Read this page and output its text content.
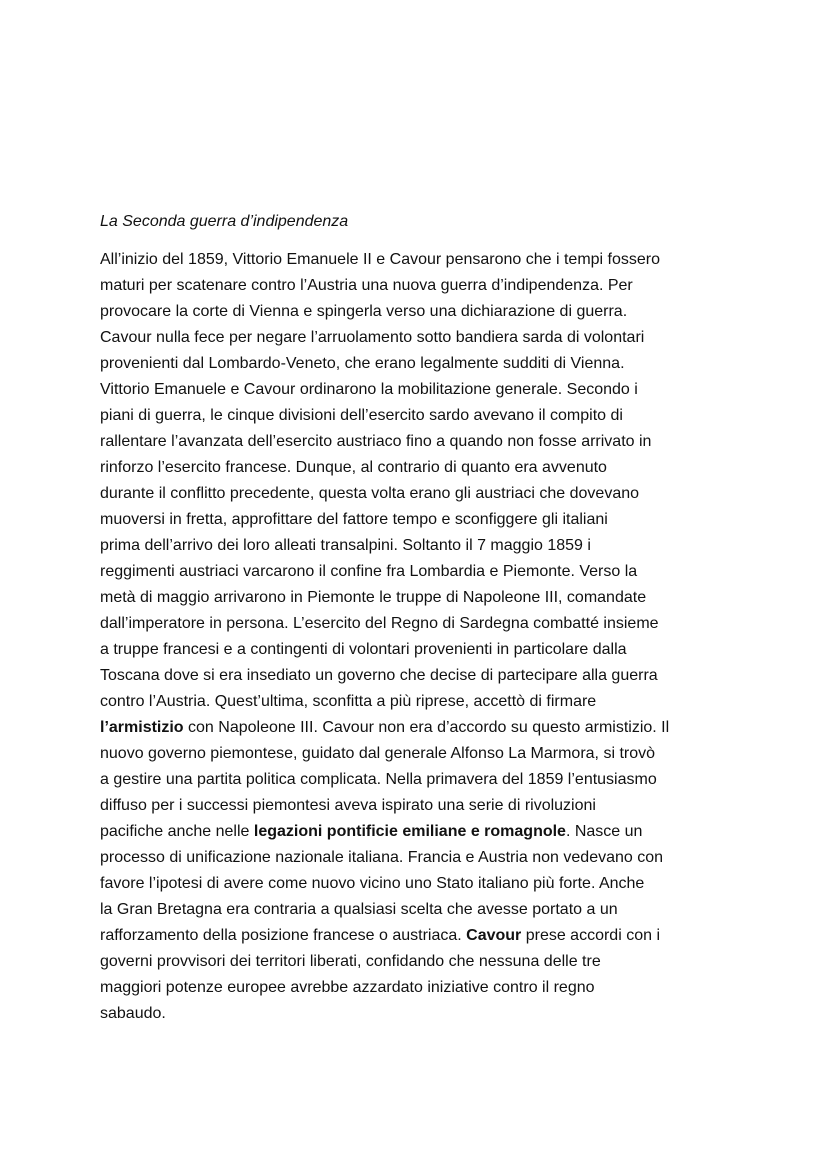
La Seconda guerra d’indipendenza
All’inizio del 1859, Vittorio Emanuele II e Cavour pensarono che i tempi fossero
maturi per scatenare contro l’Austria una nuova guerra d’indipendenza. Per
provocare la corte di Vienna e spingerla verso una dichiarazione di guerra.
Cavour nulla fece per negare l’arruolamento sotto bandiera sarda di volontari
provenienti dal Lombardo-Veneto, che erano legalmente sudditi di Vienna.
Vittorio Emanuele e Cavour ordinarono la mobilitazione generale. Secondo i
piani di guerra, le cinque divisioni dell’esercito sardo avevano il compito di
rallentare l’avanzata dell’esercito austriaco fino a quando non fosse arrivato in
rinforzo l’esercito francese. Dunque, al contrario di quanto era avvenuto
durante il conflitto precedente, questa volta erano gli austriaci che dovevano
muoversi in fretta, approfittare del fattore tempo e sconfiggere gli italiani
prima dell’arrivo dei loro alleati transalpini. Soltanto il 7 maggio 1859 i
reggimenti austriaci varcarono il confine fra Lombardia e Piemonte. Verso la
metà di maggio arrivarono in Piemonte le truppe di Napoleone III, comandate
dall’imperatore in persona. L’esercito del Regno di Sardegna combatté insieme
a truppe francesi e a contingenti di volontari provenienti in particolare dalla
Toscana dove si era insediato un governo che decise di partecipare alla guerra
contro l’Austria. Quest’ultima, sconfitta a più riprese, accettò di firmare
l’armistizio con Napoleone III. Cavour non era d’accordo su questo armistizio. Il
nuovo governo piemontese, guidato dal generale Alfonso La Marmora, si trovò
a gestire una partita politica complicata. Nella primavera del 1859 l’entusiasmo
diffuso per i successi piemontesi aveva ispirato una serie di rivoluzioni
pacifiche anche nelle legazioni pontificie emiliane e romagnole. Nasce un
processo di unificazione nazionale italiana. Francia e Austria non vedevano con
favore l’ipotesi di avere come nuovo vicino uno Stato italiano più forte. Anche
la Gran Bretagna era contraria a qualsiasi scelta che avesse portato a un
rafforzamento della posizione francese o austriaca. Cavour prese accordi con i
governi provvisori dei territori liberati, confidando che nessuna delle tre
maggiori potenze europee avrebbe azzardato iniziative contro il regno
sabaudo.
